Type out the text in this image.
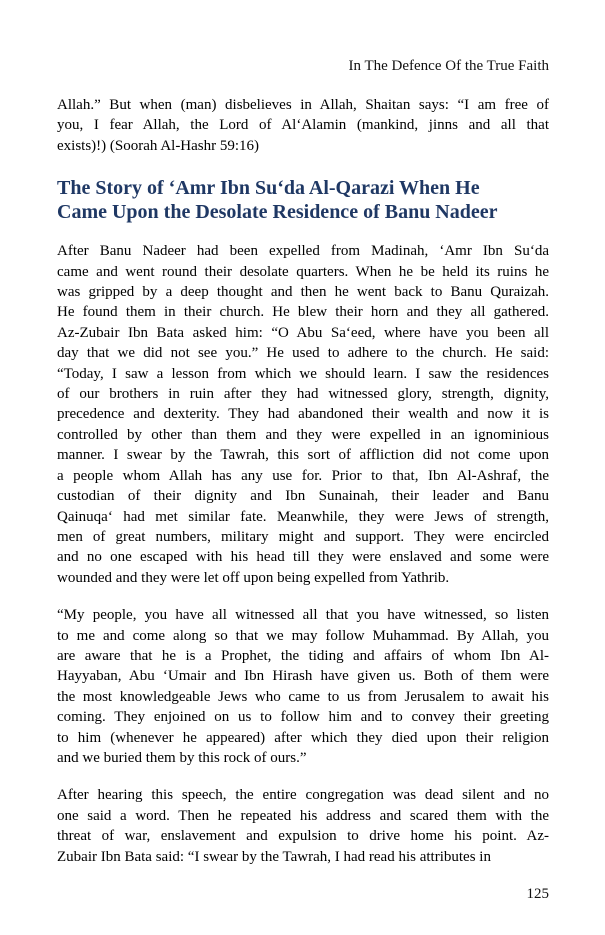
In The Defence Of the True Faith
Allah.” But when (man) disbelieves in Allah, Shaitan says: “I am free of
you, I fear Allah, the Lord of Al‘Alamin (mankind, jinns and all that
exists)!) (Soorah Al-Hashr 59:16)
The Story of ‘Amr Ibn Su‘da Al-Qarazi When He
Came Upon the Desolate Residence of Banu Nadeer
After Banu Nadeer had been expelled from Madinah, ‘Amr Ibn Su‘da
came and went round their desolate quarters. When he be held its ruins he
was gripped by a deep thought and then he went back to Banu Quraizah.
He found them in their church. He blew their horn and they all gathered.
Az-Zubair Ibn Bata asked him: “O Abu Sa‘eed, where have you been all
day that we did not see you.” He used to adhere to the church. He said:
“Today, I saw a lesson from which we should learn. I saw the residences
of our brothers in ruin after they had witnessed glory, strength, dignity,
precedence and dexterity. They had abandoned their wealth and now it is
controlled by other than them and they were expelled in an ignominious
manner. I swear by the Tawrah, this sort of affliction did not come upon
a people whom Allah has any use for. Prior to that, Ibn Al-Ashraf, the
custodian of their dignity and Ibn Sunainah, their leader and Banu
Qainuqa‘ had met similar fate. Meanwhile, they were Jews of strength,
men of great numbers, military might and support. They were encircled
and no one escaped with his head till they were enslaved and some were
wounded and they were let off upon being expelled from Yathrib.
“My people, you have all witnessed all that you have witnessed, so listen
to me and come along so that we may follow Muhammad. By Allah, you
are aware that he is a Prophet, the tiding and affairs of whom Ibn Al-
Hayyaban, Abu ‘Umair and Ibn Hirash have given us. Both of them were
the most knowledgeable Jews who came to us from Jerusalem to await his
coming. They enjoined on us to follow him and to convey their greeting
to him (whenever he appeared) after which they died upon their religion
and we buried them by this rock of ours.”
After hearing this speech, the entire congregation was dead silent and no
one said a word. Then he repeated his address and scared them with the
threat of war, enslavement and expulsion to drive home his point. Az-
Zubair Ibn Bata said: “I swear by the Tawrah, I had read his attributes in
125
